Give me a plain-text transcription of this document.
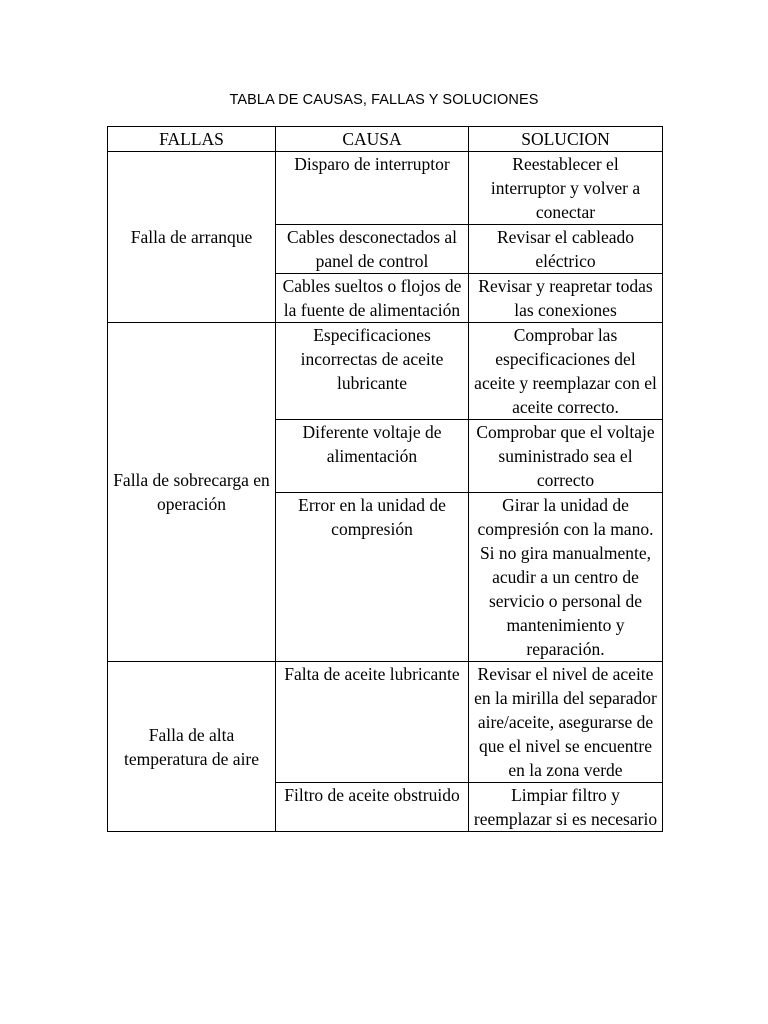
TABLA DE CAUSAS, FALLAS Y SOLUCIONES
FALLAS	CAUSA	SOLUCION
Falla de arranque	Disparo de interruptor	Reestablecer el interruptor y volver a conectar
	Cables desconectados al panel de control	Revisar el cableado eléctrico
	Cables sueltos o flojos de la fuente de alimentación	Revisar y reapretar todas las conexiones
Falla de sobrecarga en operación	Especificaciones incorrectas de aceite lubricante	Comprobar las especificaciones del aceite y reemplazar con el aceite correcto.
	Diferente voltaje de alimentación	Comprobar que el voltaje suministrado sea el correcto
	Error en la unidad de compresión	Girar la unidad de compresión con la mano. Si no gira manualmente, acudir a un centro de servicio o personal de mantenimiento y reparación.
Falla de alta temperatura de aire	Falta de aceite lubricante	Revisar el nivel de aceite en la mirilla del separador aire/aceite, asegurarse de que el nivel se encuentre en la zona verde
	Filtro de aceite obstruido	Limpiar filtro y reemplazar si es necesario
